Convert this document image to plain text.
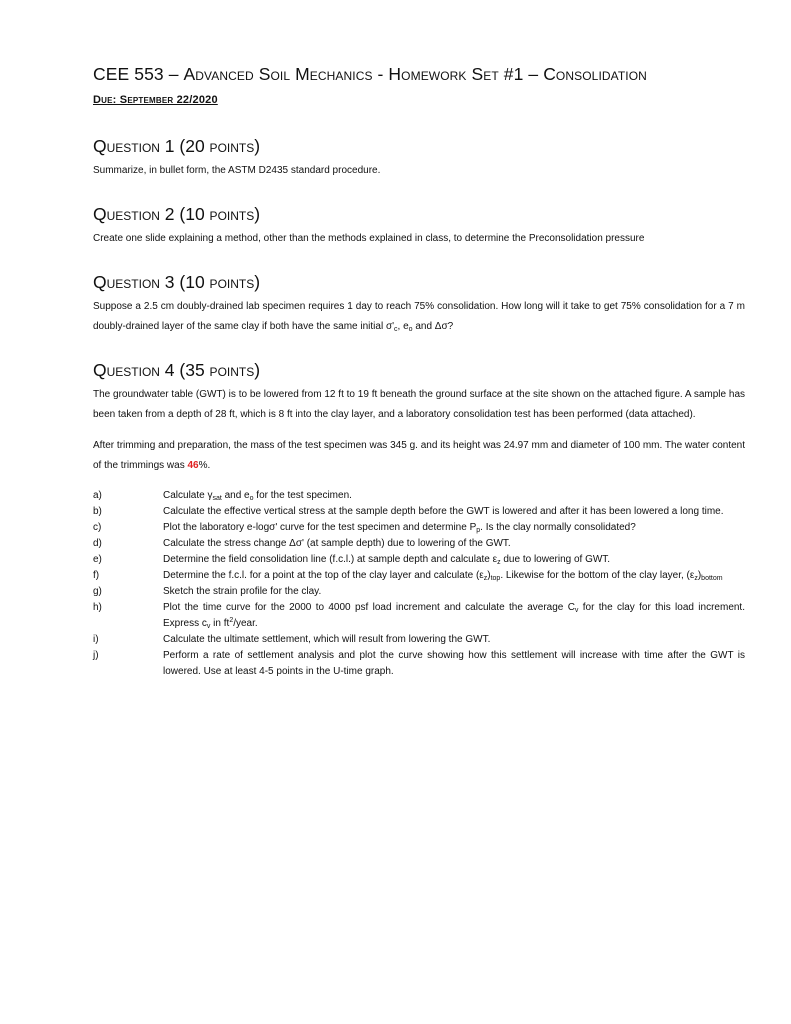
CEE 553 – Advanced Soil Mechanics - Homework Set #1 – Consolidation
Due: September 22/2020
Question 1 (20 points)
Summarize, in bullet form, the ASTM D2435 standard procedure.
Question 2 (10 points)
Create one slide explaining a method, other than the methods explained in class, to determine the Preconsolidation pressure
Question 3 (10 points)
Suppose a 2.5 cm doubly-drained lab specimen requires 1 day to reach 75% consolidation. How long will it take to get 75% consolidation for a 7 m doubly-drained layer of the same clay if both have the same initial $\sigma'_c$, $e_o$ and Δσ?
Question 4 (35 points)
The groundwater table (GWT) is to be lowered from 12 ft to 19 ft beneath the ground surface at the site shown on the attached figure. A sample has been taken from a depth of 28 ft, which is 8 ft into the clay layer, and a laboratory consolidation test has been performed (data attached).
After trimming and preparation, the mass of the test specimen was 345 g. and its height was 24.97 mm and diameter of 100 mm. The water content of the trimmings was 46%.
a)	Calculate $\gamma_{sat}$ and $e_o$ for the test specimen.
b)	Calculate the effective vertical stress at the sample depth before the GWT is lowered and after it has been lowered a long time.
c)	Plot the laboratory e-logσ' curve for the test specimen and determine $P_p$. Is the clay normally consolidated?
d)	Calculate the stress change Δσ' (at sample depth) due to lowering of the GWT.
e)	Determine the field consolidation line (f.c.l.) at sample depth and calculate $\varepsilon_z$ due to lowering of GWT.
f)	Determine the f.c.l. for a point at the top of the clay layer and calculate $(\varepsilon_z)_{top}$. Likewise for the bottom of the clay layer, $(\varepsilon_z)_{bottom}$
g)	Sketch the strain profile for the clay.
h)	Plot the time curve for the 2000 to 4000 psf load increment and calculate the average $C_v$ for the clay for this load increment. Express $c_v$ in $ft^2$/year.
i)	Calculate the ultimate settlement, which will result from lowering the GWT.
j)	Perform a rate of settlement analysis and plot the curve showing how this settlement will increase with time after the GWT is lowered. Use at least 4-5 points in the U-time graph.
